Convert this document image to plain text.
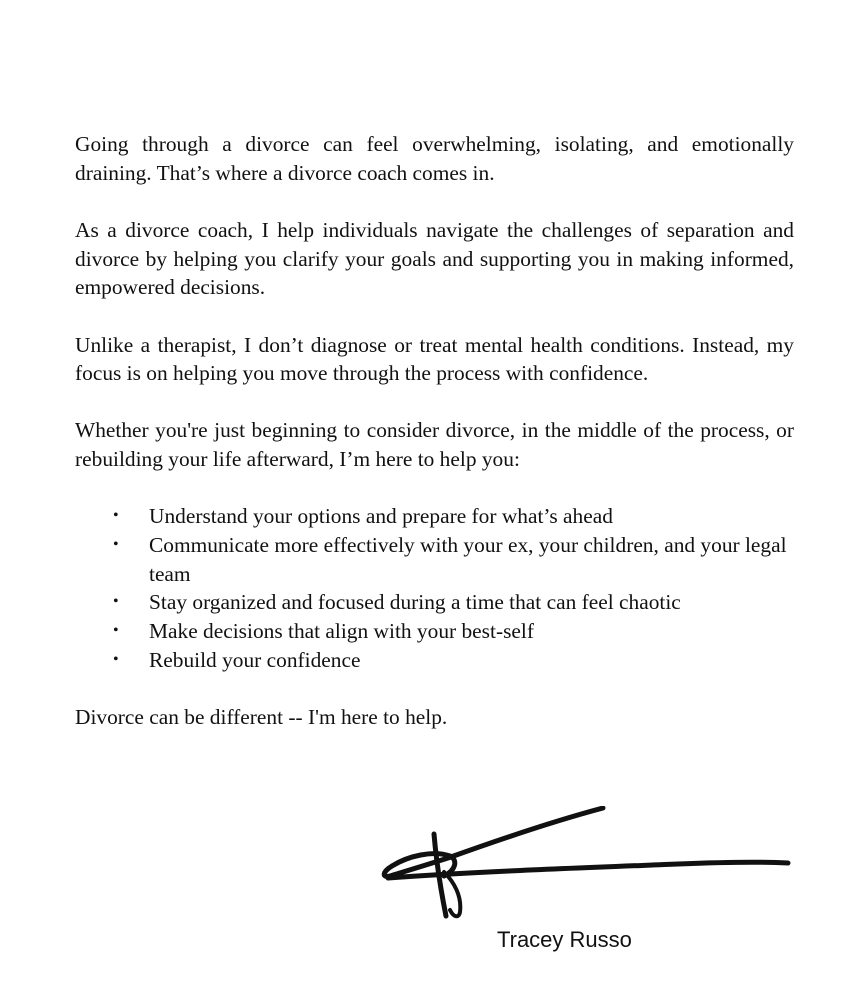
Going through a divorce can feel overwhelming, isolating, and emotionally draining. That’s where a divorce coach comes in.

As a divorce coach, I help individuals navigate the challenges of separation and divorce by helping you clarify your goals and supporting you in making informed, empowered decisions.

Unlike a therapist, I don’t diagnose or treat mental health conditions. Instead, my focus is on helping you move through the process with confidence.

Whether you're just beginning to consider divorce, in the middle of the process, or rebuilding your life afterward, I’m here to help you:

• Understand your options and prepare for what’s ahead
• Communicate more effectively with your ex, your children, and your legal team
• Stay organized and focused during a time that can feel chaotic
• Make decisions that align with your best-self
• Rebuild your confidence

Divorce can be different -- I'm here to help.

Tracey Russo
